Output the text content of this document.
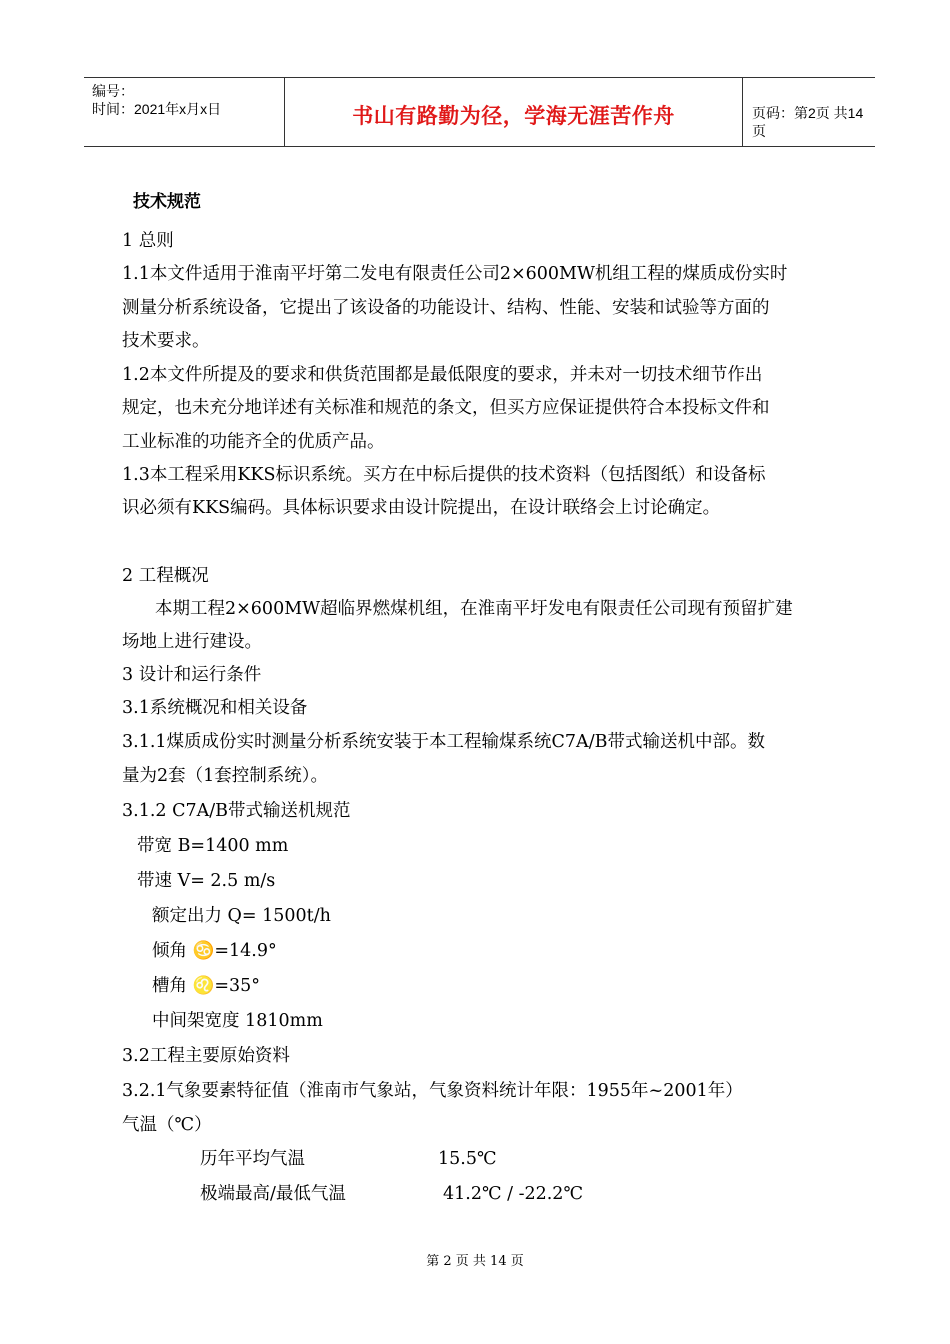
编号：
时间：2021年x月x日	书山有路勤为径，学海无涯苦作舟	页码：第2页 共14页
技术规范
1 总则
1.1本文件适用于淮南平圩第二发电有限责任公司2×600MW机组工程的煤质成份实时
测量分析系统设备，它提出了该设备的功能设计、结构、性能、安装和试验等方面的
技术要求。
1.2本文件所提及的要求和供货范围都是最低限度的要求，并未对一切技术细节作出
规定，也未充分地详述有关标准和规范的条文，但买方应保证提供符合本投标文件和
工业标准的功能齐全的优质产品。
1.3本工程采用KKS标识系统。买方在中标后提供的技术资料（包括图纸）和设备标
识必须有KKS编码。具体标识要求由设计院提出，在设计联络会上讨论确定。
2 工程概况
本期工程2×600MW超临界燃煤机组，在淮南平圩发电有限责任公司现有预留扩建
场地上进行建设。
3 设计和运行条件
3.1系统概况和相关设备
3.1.1煤质成份实时测量分析系统安装于本工程输煤系统C7A/B带式输送机中部。数
量为2套（1套控制系统）。
3.1.2 C7A/B带式输送机规范
带宽 B=1400 mm
带速 V= 2.5 m/s
额定出力 Q= 1500t/h
倾角 ♋=14.9°
槽角 ♌=35°
中间架宽度 1810mm
3.2工程主要原始资料
3.2.1气象要素特征值（淮南市气象站，气象资料统计年限：1955年~2001年）
气温（℃）
历年平均气温	15.5℃
极端最高/最低气温	41.2℃ / -22.2℃
第 2 页 共 14 页
